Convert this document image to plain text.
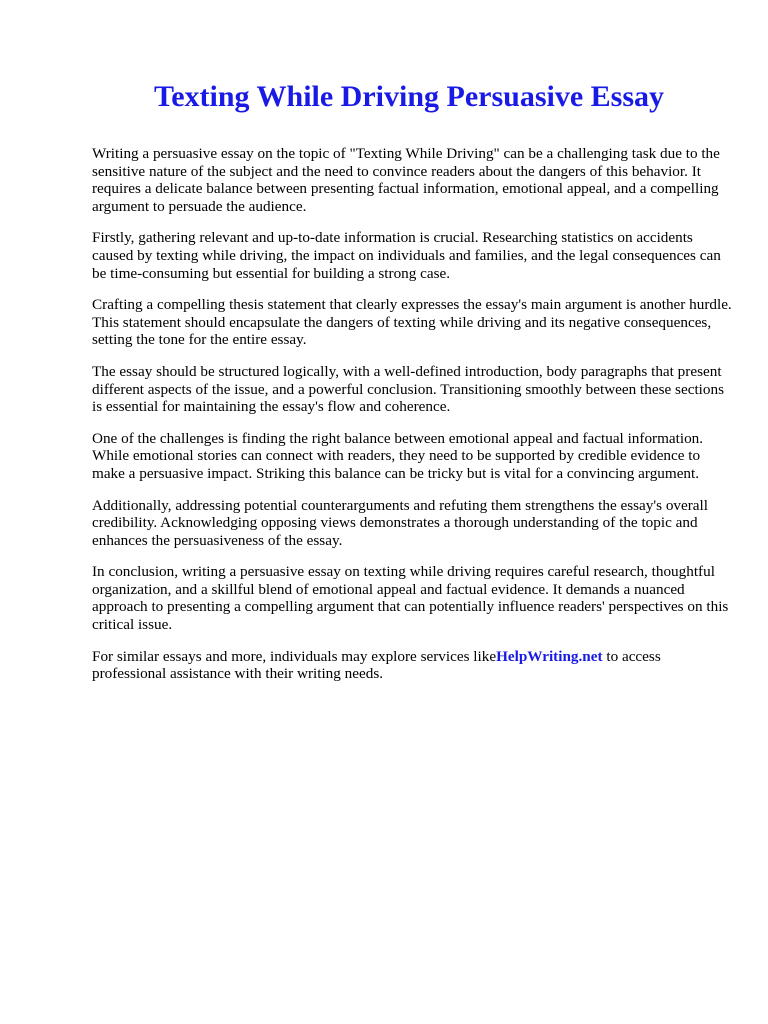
Texting While Driving Persuasive Essay

Writing a persuasive essay on the topic of "Texting While Driving" can be a challenging task due to the sensitive nature of the subject and the need to convince readers about the dangers of this behavior. It requires a delicate balance between presenting factual information, emotional appeal, and a compelling argument to persuade the audience.

Firstly, gathering relevant and up-to-date information is crucial. Researching statistics on accidents caused by texting while driving, the impact on individuals and families, and the legal consequences can be time-consuming but essential for building a strong case.

Crafting a compelling thesis statement that clearly expresses the essay's main argument is another hurdle. This statement should encapsulate the dangers of texting while driving and its negative consequences, setting the tone for the entire essay.

The essay should be structured logically, with a well-defined introduction, body paragraphs that present different aspects of the issue, and a powerful conclusion. Transitioning smoothly between these sections is essential for maintaining the essay's flow and coherence.

One of the challenges is finding the right balance between emotional appeal and factual information. While emotional stories can connect with readers, they need to be supported by credible evidence to make a persuasive impact. Striking this balance can be tricky but is vital for a convincing argument.

Additionally, addressing potential counterarguments and refuting them strengthens the essay's overall credibility. Acknowledging opposing views demonstrates a thorough understanding of the topic and enhances the persuasiveness of the essay.

In conclusion, writing a persuasive essay on texting while driving requires careful research, thoughtful organization, and a skillful blend of emotional appeal and factual evidence. It demands a nuanced approach to presenting a compelling argument that can potentially influence readers' perspectives on this critical issue.

For similar essays and more, individuals may explore services likeHelpWriting.net to access professional assistance with their writing needs.
